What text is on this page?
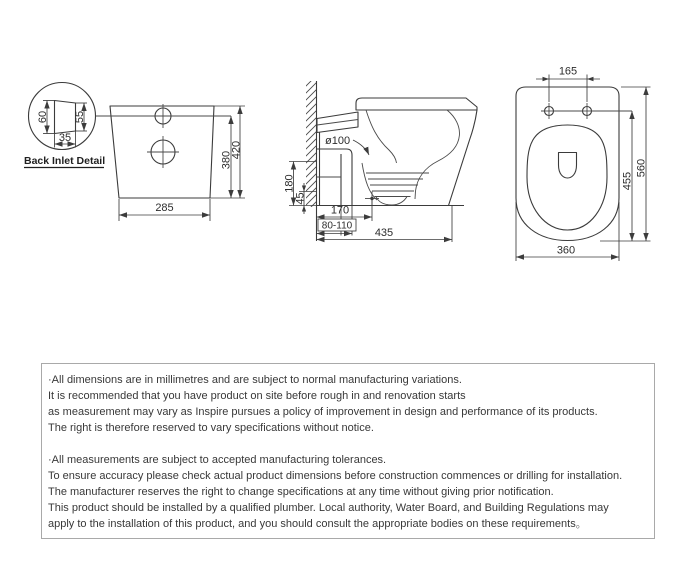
380
420
285
60 55
35
Back Inlet Detail
ø100
180
45
170
80-110
435
165
455
560
360
·All dimensions are in millimetres and are subject to normal manufacturing variations.
It is recommended that you have product on site before rough in and renovation starts
as measurement may vary as Inspire pursues a policy of improvement in design and performance of its products.
The right is therefore reserved to vary specifications without notice.
·All measurements are subject to accepted manufacturing tolerances.
To ensure accuracy please check actual product dimensions before construction commences or drilling for installation.
The manufacturer reserves the right to change specifications at any time without giving prior notification.
This product should be installed by a qualified plumber. Local authority, Water Board, and Building Regulations may
apply to the installation of this product, and you should consult the appropriate bodies on these requirements。
